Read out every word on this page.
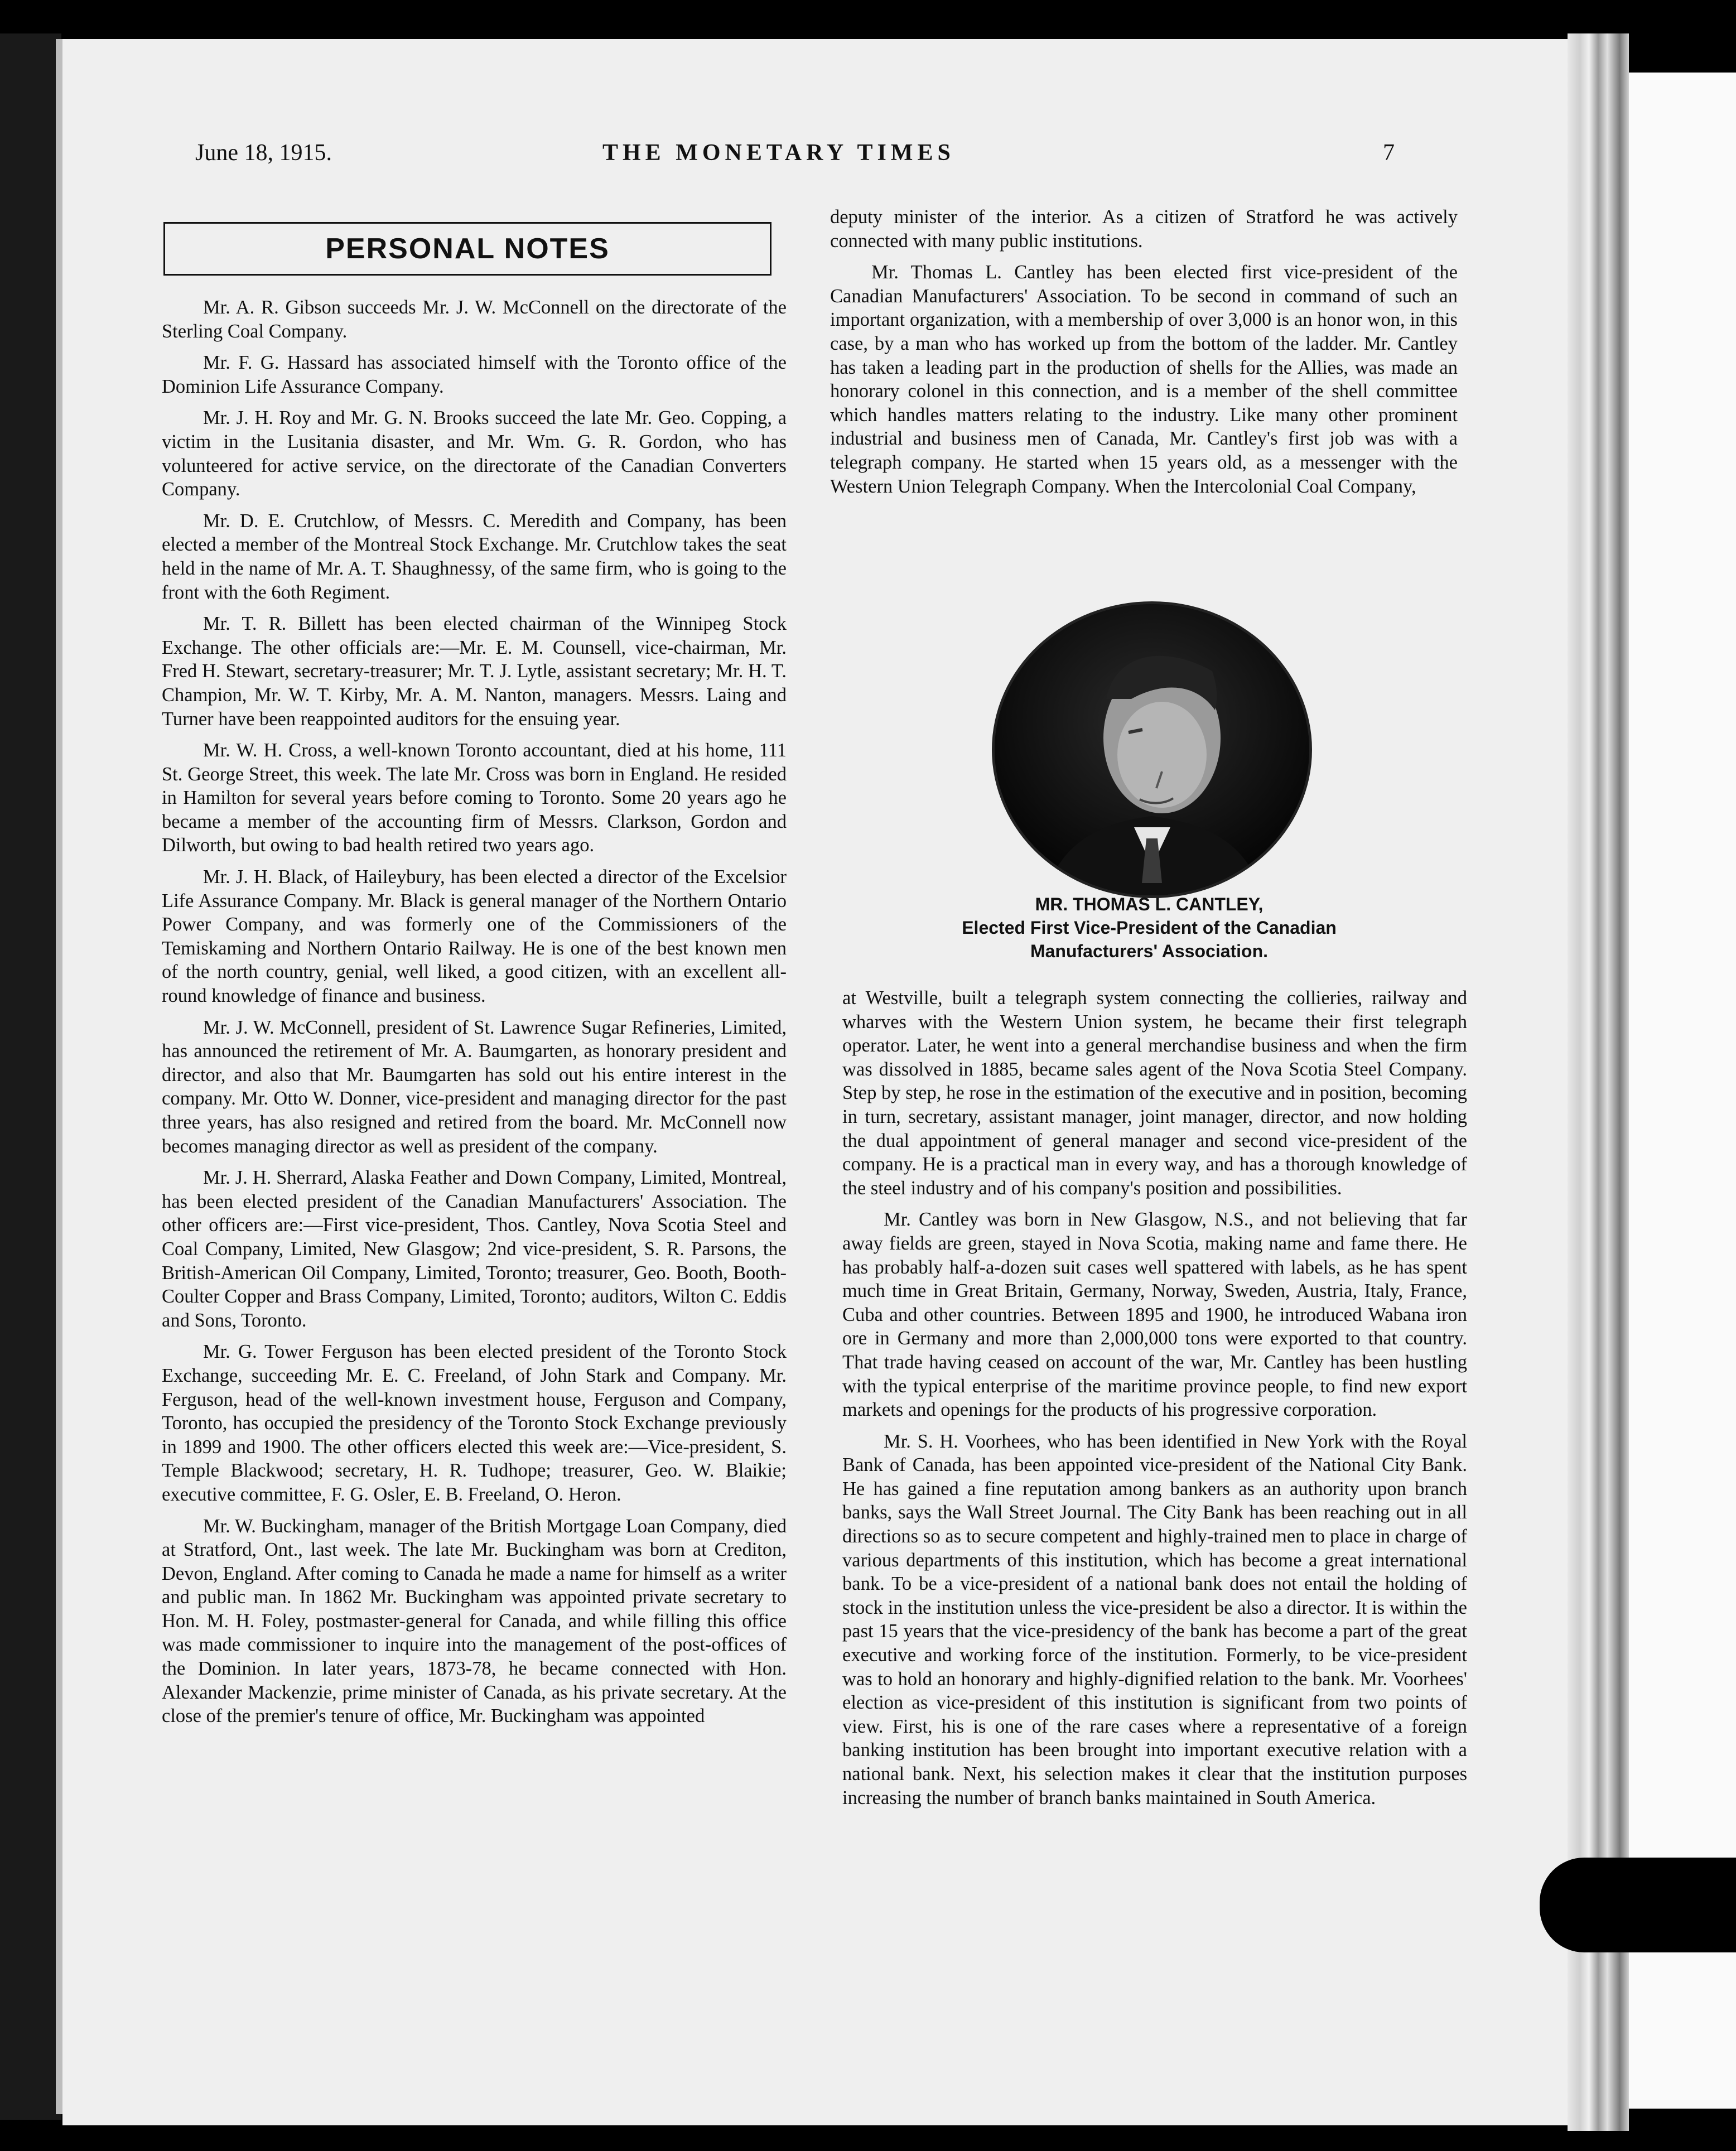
June 18, 1915.	THE MONETARY TIMES	7
PERSONAL NOTES

Mr. A. R. Gibson succeeds Mr. J. W. McConnell on the directorate of the Sterling Coal Company.

Mr. F. G. Hassard has associated himself with the Toronto office of the Dominion Life Assurance Company.

Mr. J. H. Roy and Mr. G. N. Brooks succeed the late Mr. Geo. Copping, a victim in the Lusitania disaster, and Mr. Wm. G. R. Gordon, who has volunteered for active service, on the directorate of the Canadian Converters Company.

Mr. D. E. Crutchlow, of Messrs. C. Meredith and Company, has been elected a member of the Montreal Stock Exchange. Mr. Crutchlow takes the seat held in the name of Mr. A. T. Shaughnessy, of the same firm, who is going to the front with the 6oth Regiment.

Mr. T. R. Billett has been elected chairman of the Winnipeg Stock Exchange. The other officials are:—Mr. E. M. Counsell, vice-chairman, Mr. Fred H. Stewart, secretary-treasurer; Mr. T. J. Lytle, assistant secretary; Mr. H. T. Champion, Mr. W. T. Kirby, Mr. A. M. Nanton, managers. Messrs. Laing and Turner have been reappointed auditors for the ensuing year.

Mr. W. H. Cross, a well-known Toronto accountant, died at his home, 111 St. George Street, this week. The late Mr. Cross was born in England. He resided in Hamilton for several years before coming to Toronto. Some 20 years ago he became a member of the accounting firm of Messrs. Clarkson, Gordon and Dilworth, but owing to bad health retired two years ago.

Mr. J. H. Black, of Haileybury, has been elected a director of the Excelsior Life Assurance Company. Mr. Black is general manager of the Northern Ontario Power Company, and was formerly one of the Commissioners of the Temiskaming and Northern Ontario Railway. He is one of the best known men of the north country, genial, well liked, a good citizen, with an excellent all-round knowledge of finance and business.

Mr. J. W. McConnell, president of St. Lawrence Sugar Refineries, Limited, has announced the retirement of Mr. A. Baumgarten, as honorary president and director, and also that Mr. Baumgarten has sold out his entire interest in the company. Mr. Otto W. Donner, vice-president and managing director for the past three years, has also resigned and retired from the board. Mr. McConnell now becomes managing director as well as president of the company.

Mr. J. H. Sherrard, Alaska Feather and Down Company, Limited, Montreal, has been elected president of the Canadian Manufacturers' Association. The other officers are:—First vice-president, Thos. Cantley, Nova Scotia Steel and Coal Company, Limited, New Glasgow; 2nd vice-president, S. R. Parsons, the British-American Oil Company, Limited, Toronto; treasurer, Geo. Booth, Booth-Coulter Copper and Brass Company, Limited, Toronto; auditors, Wilton C. Eddis and Sons, Toronto.

Mr. G. Tower Ferguson has been elected president of the Toronto Stock Exchange, succeeding Mr. E. C. Freeland, of John Stark and Company. Mr. Ferguson, head of the well-known investment house, Ferguson and Company, Toronto, has occupied the presidency of the Toronto Stock Exchange previously in 1899 and 1900. The other officers elected this week are:—Vice-president, S. Temple Blackwood; secretary, H. R. Tudhope; treasurer, Geo. W. Blaikie; executive committee, F. G. Osler, E. B. Freeland, O. Heron.

Mr. W. Buckingham, manager of the British Mortgage Loan Company, died at Stratford, Ont., last week. The late Mr. Buckingham was born at Crediton, Devon, England. After coming to Canada he made a name for himself as a writer and public man. In 1862 Mr. Buckingham was appointed private secretary to Hon. M. H. Foley, postmaster-general for Canada, and while filling this office was made commissioner to inquire into the management of the post-offices of the Dominion. In later years, 1873-78, he became connected with Hon. Alexander Mackenzie, prime minister of Canada, as his private secretary. At the close of the premier's tenure of office, Mr. Buckingham was appointed

deputy minister of the interior. As a citizen of Stratford he was actively connected with many public institutions.

Mr. Thomas L. Cantley has been elected first vice-president of the Canadian Manufacturers' Association. To be second in command of such an important organization, with a membership of over 3,000 is an honor won, in this case, by a man who has worked up from the bottom of the ladder. Mr. Cantley has taken a leading part in the production of shells for the Allies, was made an honorary colonel in this connection, and is a member of the shell committee which handles matters relating to the industry. Like many other prominent industrial and business men of Canada, Mr. Cantley's first job was with a telegraph company. He started when 15 years old, as a messenger with the Western Union Telegraph Company. When the Intercolonial Coal Company,

MR. THOMAS L. CANTLEY,
Elected First Vice-President of the Canadian
Manufacturers' Association.

at Westville, built a telegraph system connecting the collieries, railway and wharves with the Western Union system, he became their first telegraph operator. Later, he went into a general merchandise business and when the firm was dissolved in 1885, became sales agent of the Nova Scotia Steel Company. Step by step, he rose in the estimation of the executive and in position, becoming in turn, secretary, assistant manager, joint manager, director, and now holding the dual appointment of general manager and second vice-president of the company. He is a practical man in every way, and has a thorough knowledge of the steel industry and of his company's position and possibilities.

Mr. Cantley was born in New Glasgow, N.S., and not believing that far away fields are green, stayed in Nova Scotia, making name and fame there. He has probably half-a-dozen suit cases well spattered with labels, as he has spent much time in Great Britain, Germany, Norway, Sweden, Austria, Italy, France, Cuba and other countries. Between 1895 and 1900, he introduced Wabana iron ore in Germany and more than 2,000,000 tons were exported to that country. That trade having ceased on account of the war, Mr. Cantley has been hustling with the typical enterprise of the maritime province people, to find new export markets and openings for the products of his progressive corporation.

Mr. S. H. Voorhees, who has been identified in New York with the Royal Bank of Canada, has been appointed vice-president of the National City Bank. He has gained a fine reputation among bankers as an authority upon branch banks, says the Wall Street Journal. The City Bank has been reaching out in all directions so as to secure competent and highly-trained men to place in charge of various departments of this institution, which has become a great international bank. To be a vice-president of a national bank does not entail the holding of stock in the institution unless the vice-president be also a director. It is within the past 15 years that the vice-presidency of the bank has become a part of the great executive and working force of the institution. Formerly, to be vice-president was to hold an honorary and highly-dignified relation to the bank. Mr. Voorhees' election as vice-president of this institution is significant from two points of view. First, his is one of the rare cases where a representative of a foreign banking institution has been brought into important executive relation with a national bank. Next, his selection makes it clear that the institution purposes increasing the number of branch banks maintained in South America.
